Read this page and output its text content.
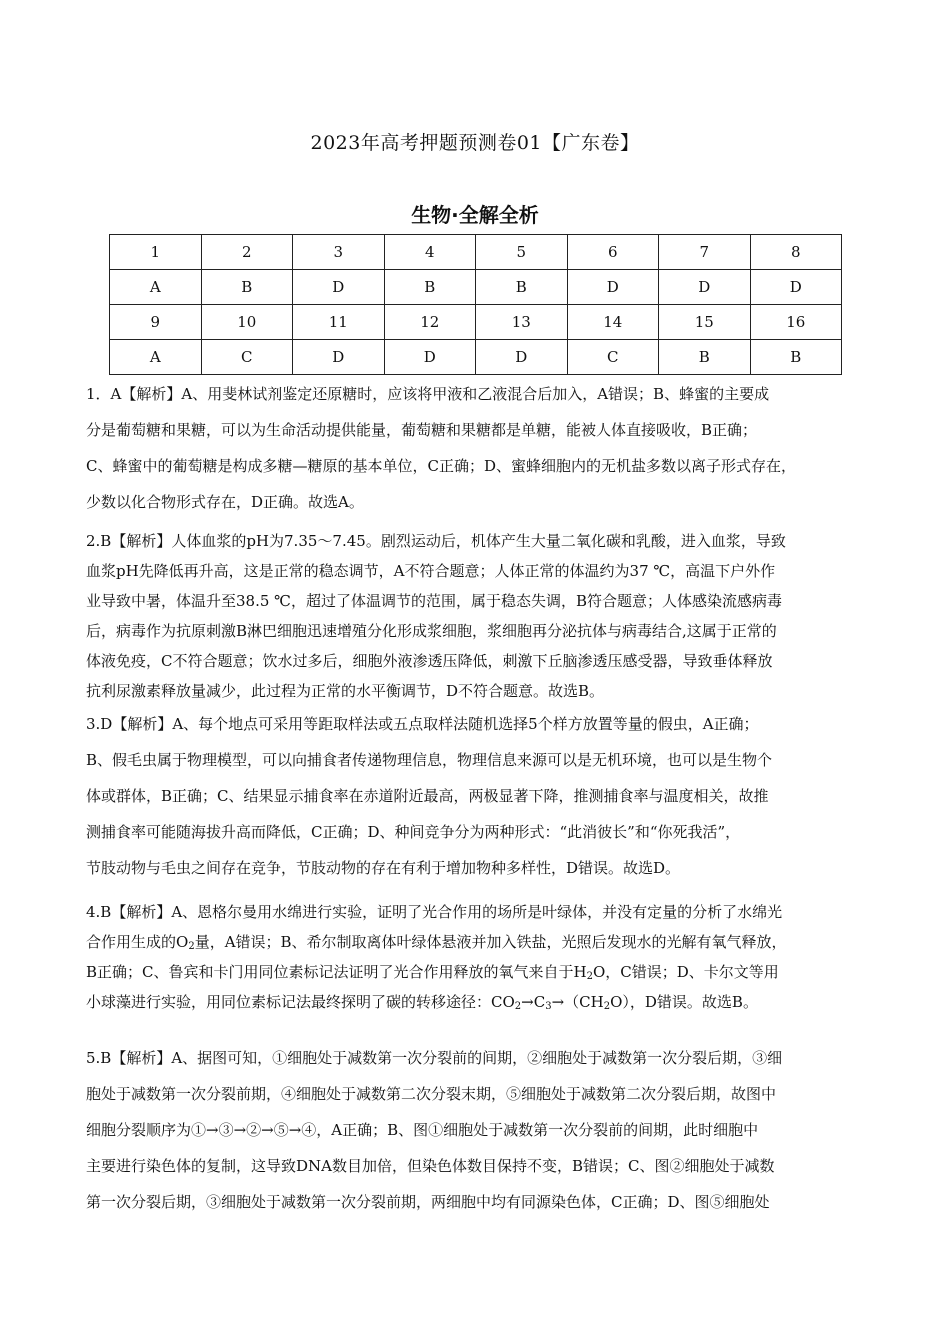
2023年高考押题预测卷01【广东卷】
生物·全解全析
1	2	3	4	5	6	7	8
A	B	D	B	B	D	D	D
9	10	11	12	13	14	15	16
A	C	D	D	D	C	B	B
1．A【解析】A、用斐林试剂鉴定还原糖时，应该将甲液和乙液混合后加入，A错误；B、蜂蜜的主要成
分是葡萄糖和果糖，可以为生命活动提供能量，葡萄糖和果糖都是单糖，能被人体直接吸收，B正确；
C、蜂蜜中的葡萄糖是构成多糖—糖原的基本单位，C正确；D、蜜蜂细胞内的无机盐多数以离子形式存在，
少数以化合物形式存在，D正确。故选A。
2.B【解析】人体血浆的pH为7.35～7.45。剧烈运动后，机体产生大量二氧化碳和乳酸，进入血浆，导致
血浆pH先降低再升高，这是正常的稳态调节，A不符合题意；人体正常的体温约为37 ℃，高温下户外作
业导致中暑，体温升至38.5 ℃，超过了体温调节的范围，属于稳态失调，B符合题意；人体感染流感病毒
后，病毒作为抗原刺激B淋巴细胞迅速增殖分化形成浆细胞，浆细胞再分泌抗体与病毒结合,这属于正常的
体液免疫，C不符合题意；饮水过多后，细胞外液渗透压降低，刺激下丘脑渗透压感受器，导致垂体释放
抗利尿激素释放量减少，此过程为正常的水平衡调节，D不符合题意。故选B。
3.D【解析】A、每个地点可采用等距取样法或五点取样法随机选择5个样方放置等量的假虫，A正确；
B、假毛虫属于物理模型，可以向捕食者传递物理信息，物理信息来源可以是无机环境，也可以是生物个
体或群体，B正确；C、结果显示捕食率在赤道附近最高，两极显著下降，推测捕食率与温度相关，故推
测捕食率可能随海拔升高而降低，C正确；D、种间竞争分为两种形式：“此消彼长”和“你死我活”，
节肢动物与毛虫之间存在竞争，节肢动物的存在有利于增加物种多样性，D错误。故选D。
4.B【解析】A、恩格尔曼用水绵进行实验，证明了光合作用的场所是叶绿体，并没有定量的分析了水绵光
合作用生成的$O_2$量，A错误；B、希尔制取离体叶绿体悬液并加入铁盐，光照后发现水的光解有氧气释放，
B正确；C、鲁宾和卡门用同位素标记法证明了光合作用释放的氧气来自于$H_2O$，C错误；D、卡尔文等用
小球藻进行实验，用同位素标记法最终探明了碳的转移途径：$CO_2\to C_3\to(CH_2O)$，D错误。故选B。
5.B【解析】A、据图可知，①细胞处于减数第一次分裂前的间期，②细胞处于减数第一次分裂后期，③细
胞处于减数第一次分裂前期，④细胞处于减数第二次分裂末期，⑤细胞处于减数第二次分裂后期，故图中
细胞分裂顺序为①→③→②→⑤→④，A正确；B、图①细胞处于减数第一次分裂前的间期，此时细胞中
主要进行染色体的复制，这导致DNA数目加倍，但染色体数目保持不变，B错误；C、图②细胞处于减数
第一次分裂后期，③细胞处于减数第一次分裂前期，两细胞中均有同源染色体，C正确；D、图⑤细胞处
